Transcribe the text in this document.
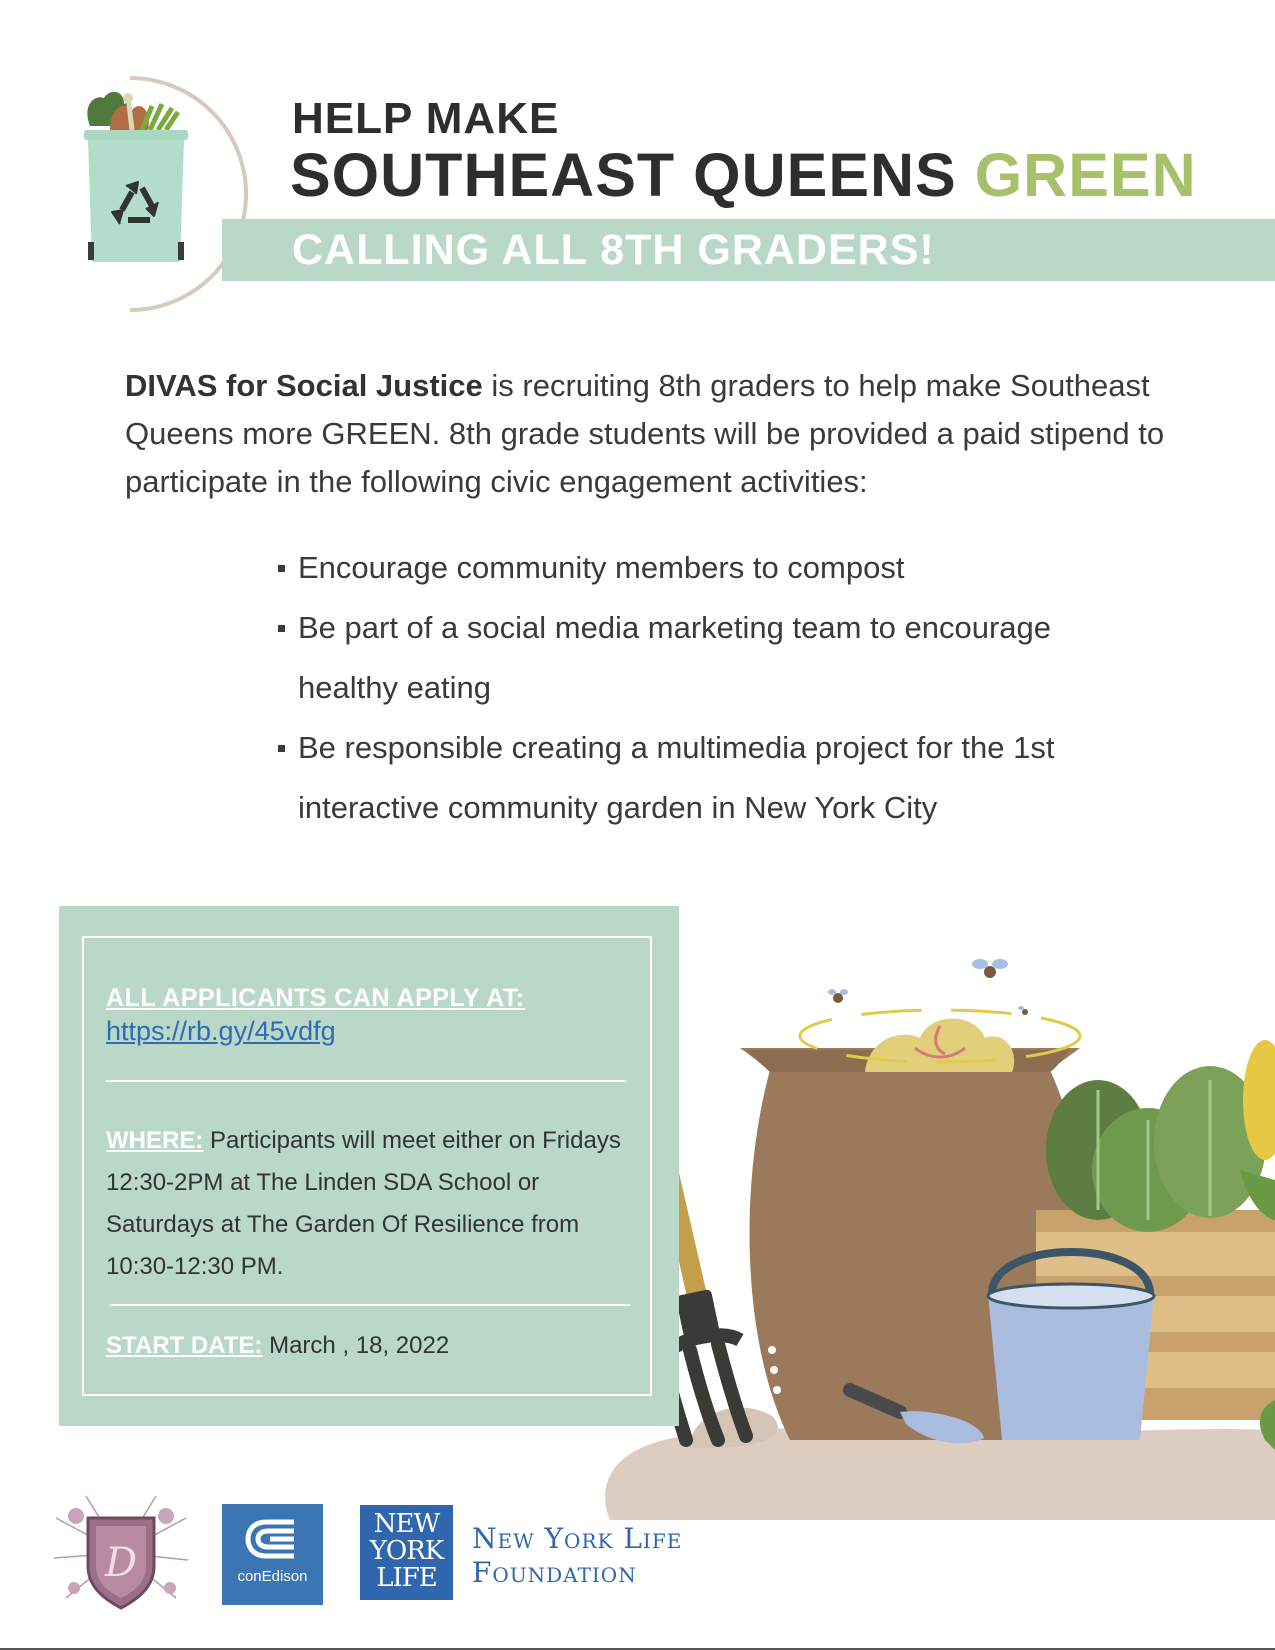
HELP MAKE
SOUTHEAST QUEENS GREEN
CALLING ALL 8TH GRADERS!

DIVAS for Social Justice is recruiting 8th graders to help make Southeast Queens more GREEN. 8th grade students will be provided a paid stipend to participate in the following civic engagement activities:

Encourage community members to compost
Be part of a social media marketing team to encourage healthy eating
Be responsible creating a multimedia project for the 1st interactive community garden in New York City
ALL APPLICANTS CAN APPLY AT:
https://rb.gy/45vdfg

WHERE: Participants will meet either on Fridays 12:30-2PM at The Linden SDA School or Saturdays at The Garden Of Resilience from 10:30-12:30 PM.

START DATE: March , 18, 2022
D	conEdison
NEW
YORK
LIFE

New York Life
Foundation
